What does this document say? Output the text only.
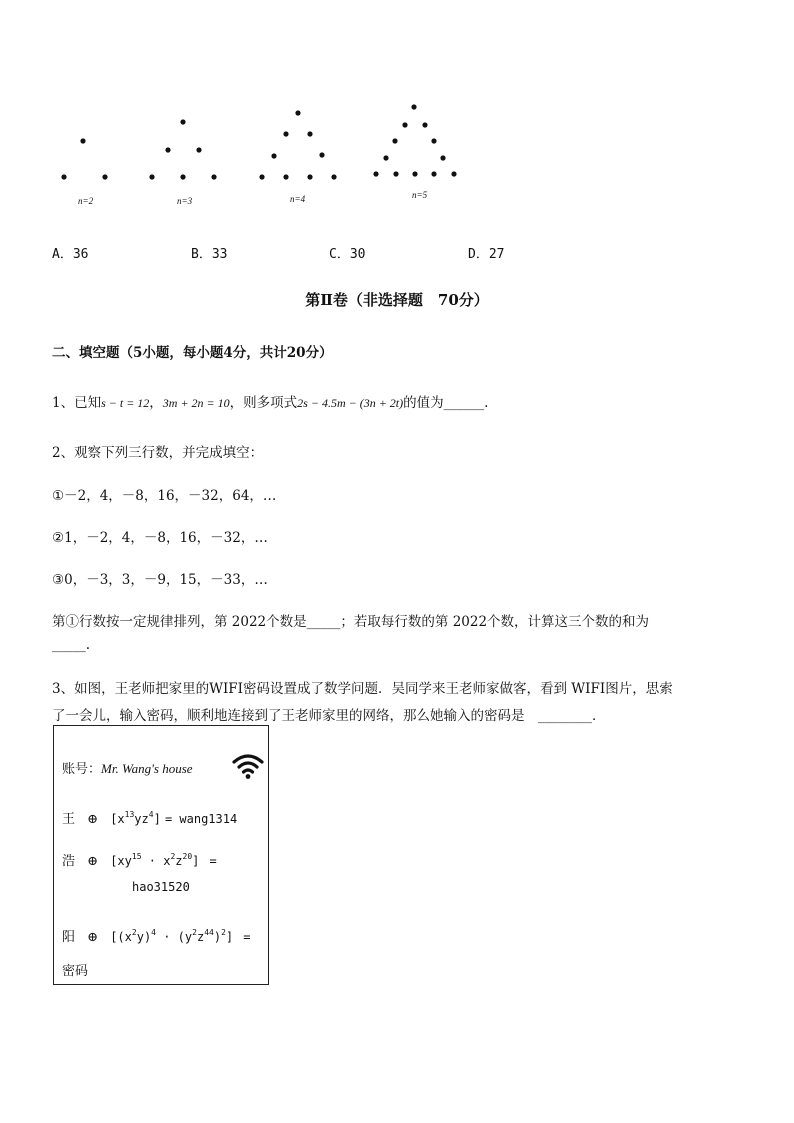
n=2	n=3	n=4	n=5
A．36	B．33	C．30	D．27
第Ⅱ卷（非选择题　70分）
二、填空题（5小题，每小题4分，共计20分）
1、已知s − t = 12，3m + 2n = 10，则多项式2s − 4.5m − (3n + 2t)的值为______.
2、观察下列三行数，并完成填空：
①－2，4，－8，16，－32，64，…
②1，－2，4，－8，16，－32，…
③0，－3，3，－9，15，－33，…
第①行数按一定规律排列，第 2022个数是_____；若取每行数的第 2022个数，计算这三个数的和为
_____.
3、如图，王老师把家里的WIFI密码设置成了数学问题．吴同学来王老师家做客，看到 WIFI图片，思索
了一会儿，输入密码，顺利地连接到了王老师家里的网络，那么她输入的密码是　________．
账号：Mr. Wang's house
王 ⊕ $[x^{13}yz^4]$ = wang1314
浩 ⊕ $[xy^{15} \cdot x^2z^{20}]$ =
hao31520
阳 ⊕ $[(x^2y)^4 \cdot (y^2z^{44})^2]$ =
密码
